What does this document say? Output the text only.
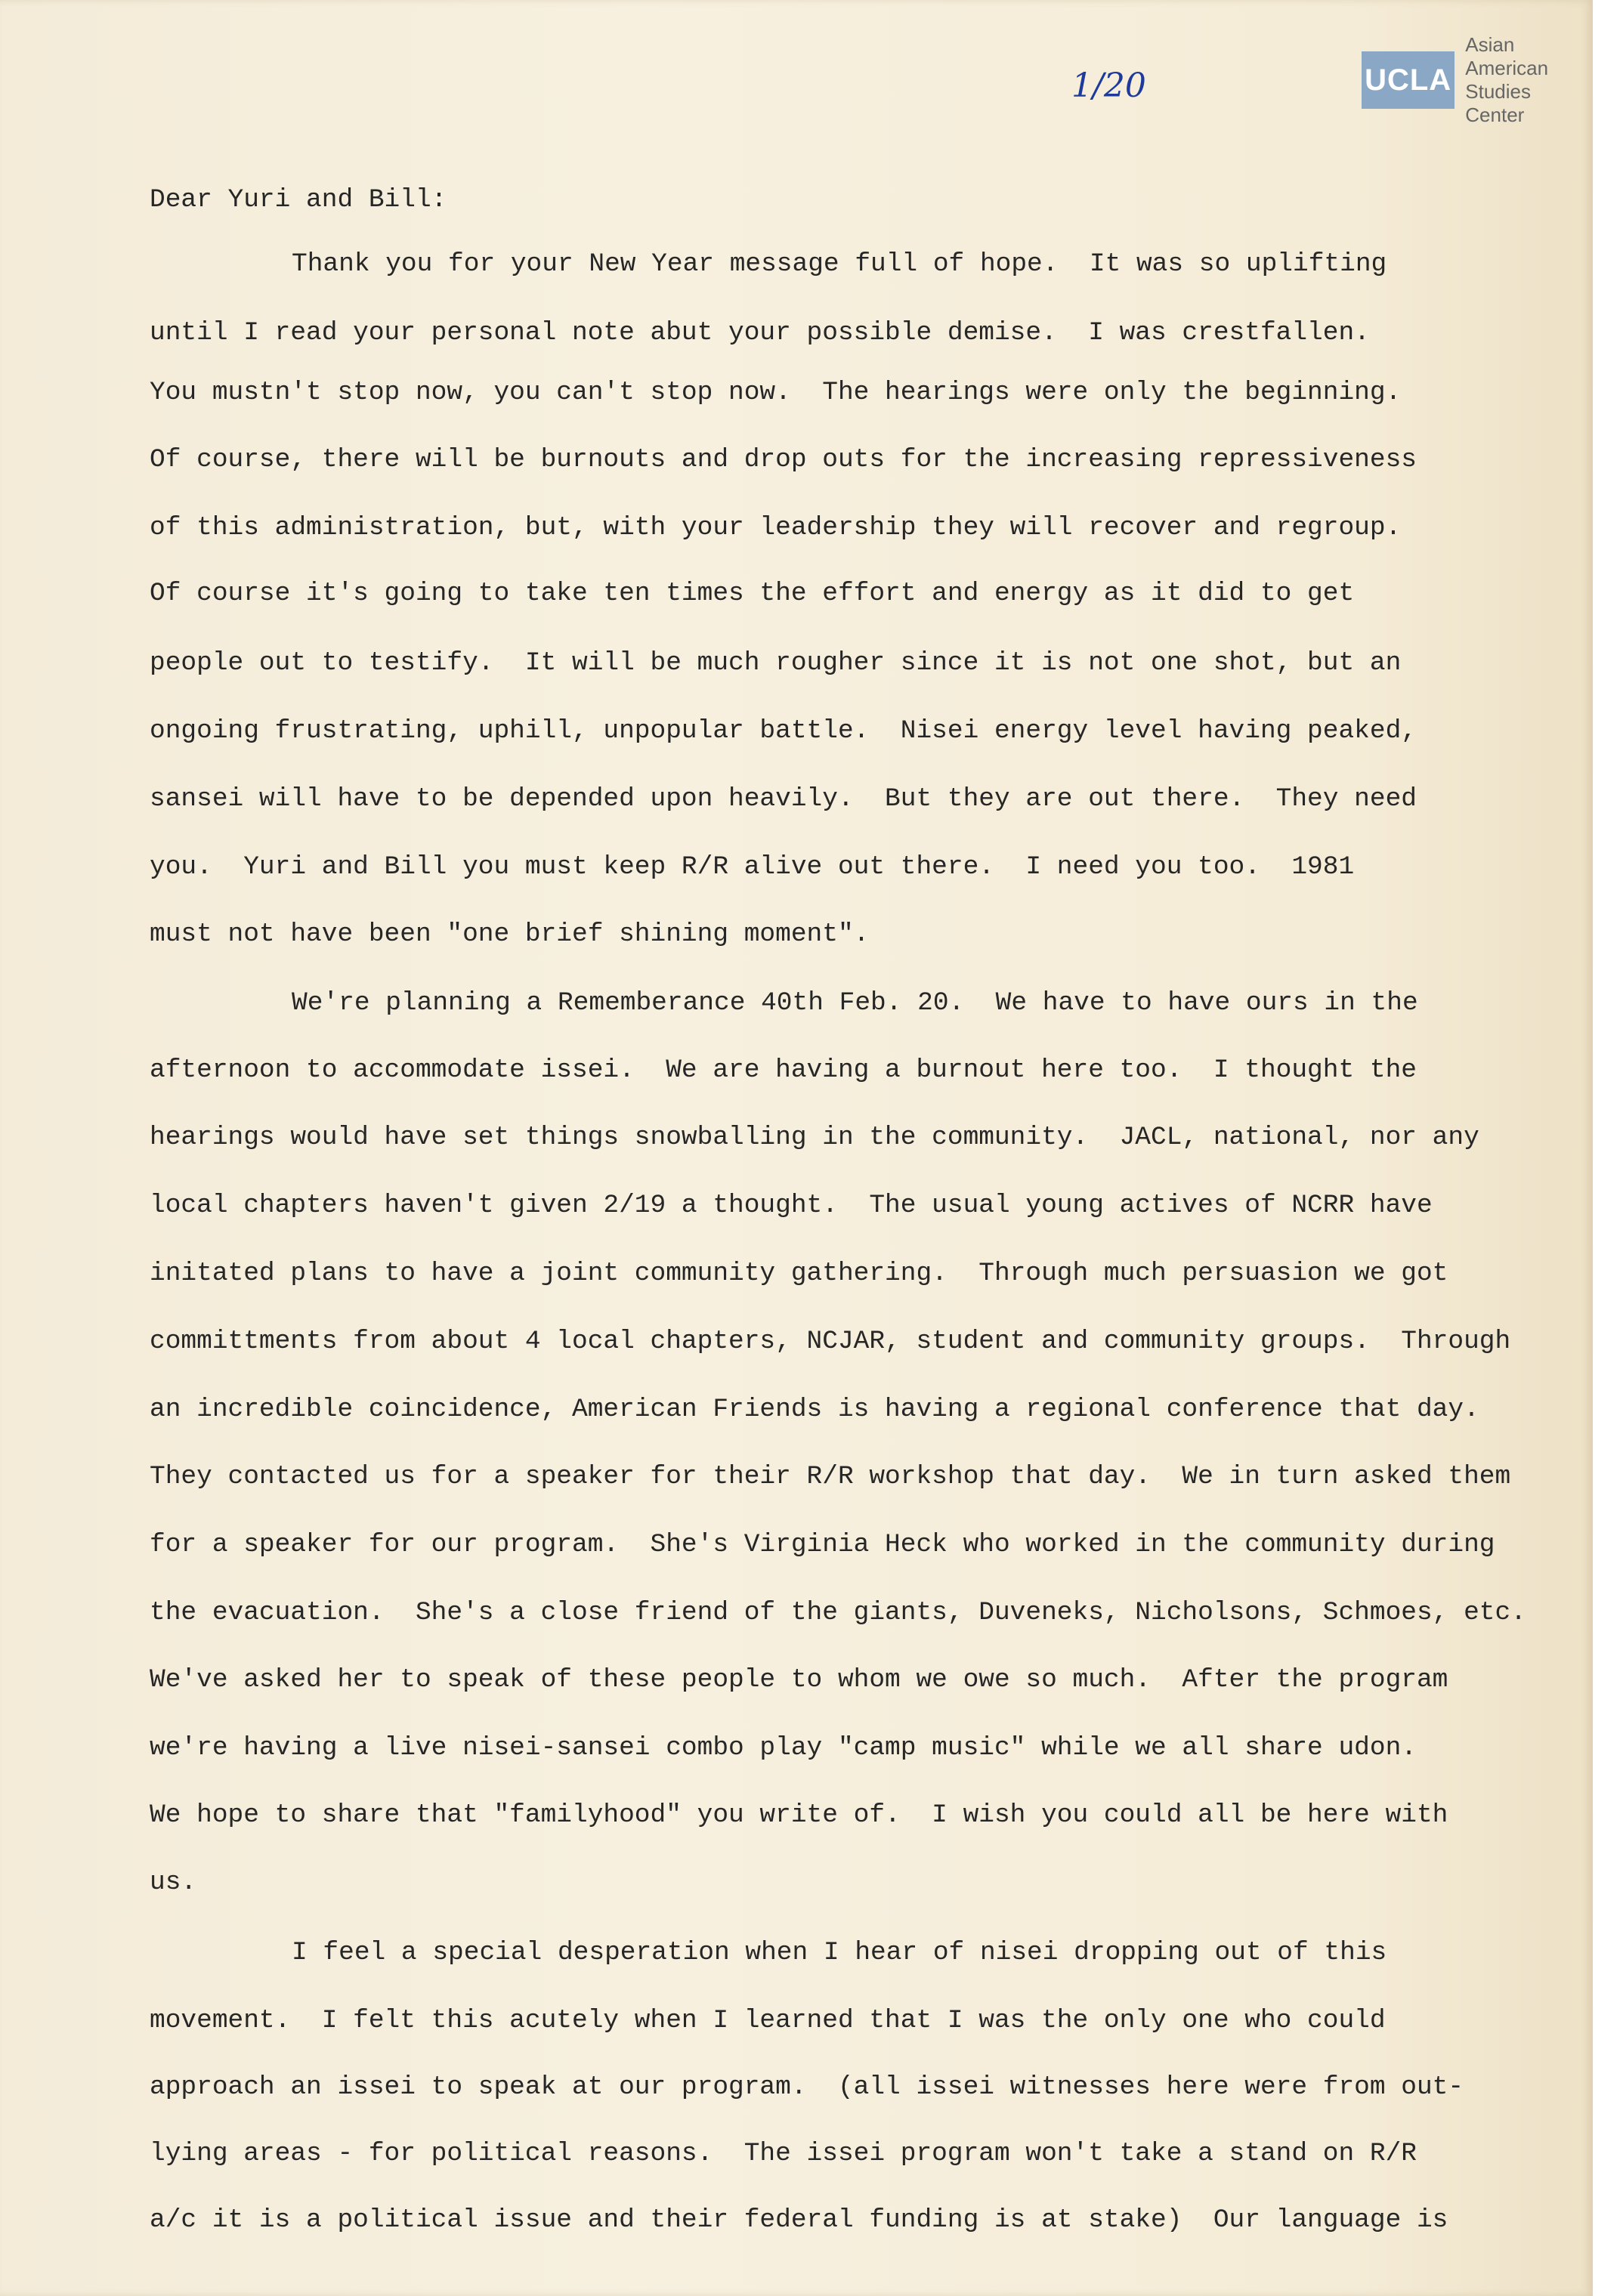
UCLA
Asian American
Studies Center
1/20

Dear Yuri and Bill:

Thank you for your New Year message full of hope.  It was so uplifting

until I read your personal note abut your possible demise.  I was crestfallen.

You mustn't stop now, you can't stop now.  The hearings were only the beginning.

Of course, there will be burnouts and drop outs for the increasing repressiveness

of this administration, but, with your leadership they will recover and regroup.

Of course it's going to take ten times the effort and energy as it did to get

people out to testify.  It will be much rougher since it is not one shot, but an

ongoing frustrating, uphill, unpopular battle.  Nisei energy level having peaked,

sansei will have to be depended upon heavily.  But they are out there.  They need

you.  Yuri and Bill you must keep R/R alive out there.  I need you too.  1981

must not have been "one brief shining moment".

We're planning a Rememberance 40th Feb. 20.  We have to have ours in the

afternoon to accommodate issei.  We are having a burnout here too.  I thought the

hearings would have set things snowballing in the community.  JACL, national, nor any

local chapters haven't given 2/19 a thought.  The usual young actives of NCRR have

initated plans to have a joint community gathering.  Through much persuasion we got

committments from about 4 local chapters, NCJAR, student and community groups.  Through

an incredible coincidence, American Friends is having a regional conference that day.

They contacted us for a speaker for their R/R workshop that day.  We in turn asked them

for a speaker for our program.  She's Virginia Heck who worked in the community during

the evacuation.  She's a close friend of the giants, Duveneks, Nicholsons, Schmoes, etc.

We've asked her to speak of these people to whom we owe so much.  After the program

we're having a live nisei-sansei combo play "camp music" while we all share udon.

We hope to share that "familyhood" you write of.  I wish you could all be here with

us.

I feel a special desperation when I hear of nisei dropping out of this

movement.  I felt this acutely when I learned that I was the only one who could

approach an issei to speak at our program.  (all issei witnesses here were from out-

lying areas - for political reasons.  The issei program won't take a stand on R/R

a/c it is a political issue and their federal funding is at stake)  Our language is
